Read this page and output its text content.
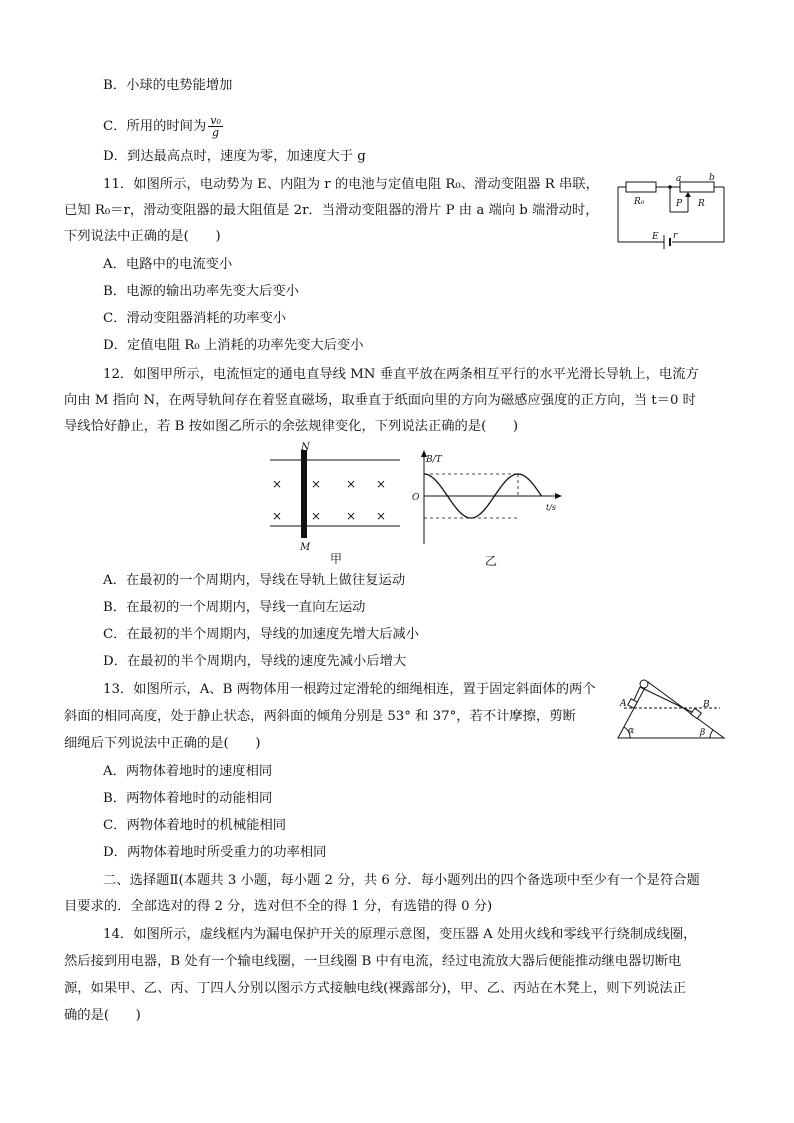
B．小球的电势能增加
C．所用的时间为 $\frac{\text{v₀}}{g}$
D．到达最高点时，速度为零，加速度大于 g
11．如图所示，电动势为 E、内阻为 r 的电池与定值电阻 R₀、滑动变阻器 R 串联，
已知 R₀＝r，滑动变阻器的最大阻值是 2r．当滑动变阻器的滑片 P 由 a 端向 b 端滑动时，
下列说法中正确的是(　　)
A．电路中的电流变小
B．电源的输出功率先变大后变小
C．滑动变阻器消耗的功率变小
D．定值电阻 R₀ 上消耗的功率先变大后变小
R₀
a	b
P R
E r
12．如图甲所示，电流恒定的通电直导线 MN 垂直平放在两条相互平行的水平光滑长导轨上，电流方
向由 M 指向 N，在两导轨间存在着竖直磁场，取垂直于纸面向里的方向为磁感应强度的正方向，当 t＝0 时
导线恰好静止，若 B 按如图乙所示的余弦规律变化，下列说法正确的是(　　)
N
M
× × × ×
× × × ×
甲
B/T
O
t/s
乙
A．在最初的一个周期内，导线在导轨上做往复运动
B．在最初的一个周期内，导线一直向左运动
C．在最初的半个周期内，导线的加速度先增大后减小
D．在最初的半个周期内，导线的速度先减小后增大
13．如图所示，A、B 两物体用一根跨过定滑轮的细绳相连，置于固定斜面体的两个
斜面的相同高度，处于静止状态，两斜面的倾角分别是 53° 和 37°，若不计摩擦，剪断
细绳后下列说法中正确的是(　　)
A．两物体着地时的速度相同
B．两物体着地时的动能相同
C．两物体着地时的机械能相同
D．两物体着地时所受重力的功率相同
A	B
α	β
二、选择题Ⅱ(本题共 3 小题，每小题 2 分，共 6 分．每小题列出的四个备选项中至少有一个是符合题
目要求的．全部选对的得 2 分，选对但不全的得 1 分，有选错的得 0 分)
14．如图所示，虚线框内为漏电保护开关的原理示意图，变压器 A 处用火线和零线平行绕制成线圈，
然后接到用电器，B 处有一个输电线圈，一旦线圈 B 中有电流，经过电流放大器后便能推动继电器切断电
源，如果甲、乙、丙、丁四人分别以图示方式接触电线(裸露部分)，甲、乙、丙站在木凳上，则下列说法正
确的是(　　)
